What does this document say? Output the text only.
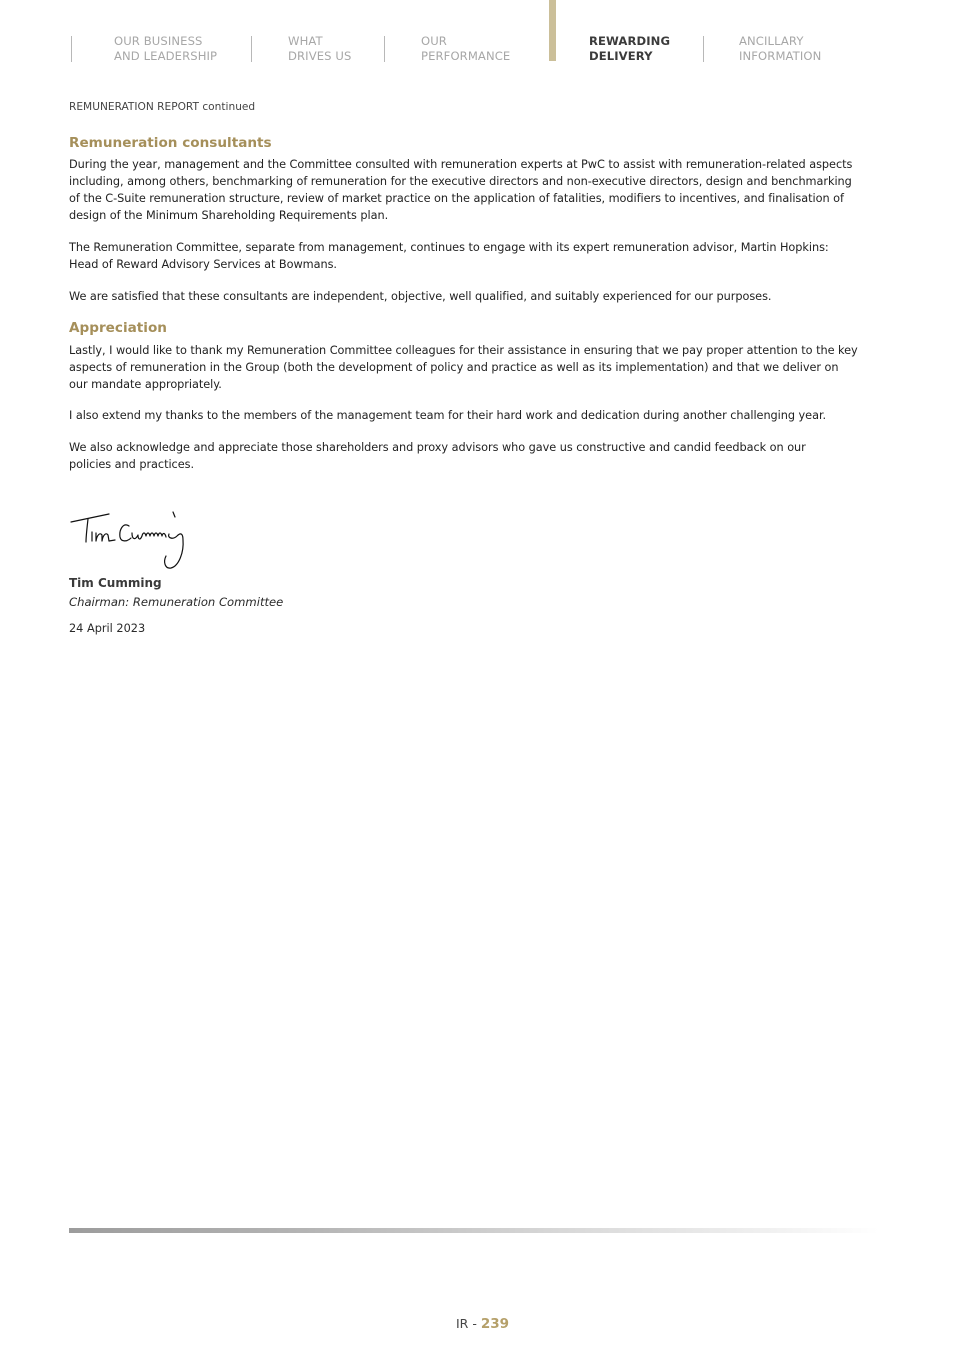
OUR BUSINESS
AND LEADERSHIP
WHAT
DRIVES US
OUR
PERFORMANCE
REWARDING
DELIVERY
ANCILLARY
INFORMATION
REMUNERATION REPORT continued
Remuneration consultants
During the year, management and the Committee consulted with remuneration experts at PwC to assist with remuneration-related aspects
including, among others, benchmarking of remuneration for the executive directors and non-executive directors, design and benchmarking
of the C-Suite remuneration structure, review of market practice on the application of fatalities, modifiers to incentives, and finalisation of
design of the Minimum Shareholding Requirements plan.
The Remuneration Committee, separate from management, continues to engage with its expert remuneration advisor, Martin Hopkins:
Head of Reward Advisory Services at Bowmans.
We are satisfied that these consultants are independent, objective, well qualified, and suitably experienced for our purposes.
Appreciation
Lastly, I would like to thank my Remuneration Committee colleagues for their assistance in ensuring that we pay proper attention to the key
aspects of remuneration in the Group (both the development of policy and practice as well as its implementation) and that we deliver on
our mandate appropriately.
I also extend my thanks to the members of the management team for their hard work and dedication during another challenging year.
We also acknowledge and appreciate those shareholders and proxy advisors who gave us constructive and candid feedback on our
policies and practices.
Tim Cumming
Chairman: Remuneration Committee
24 April 2023
IR - 239
